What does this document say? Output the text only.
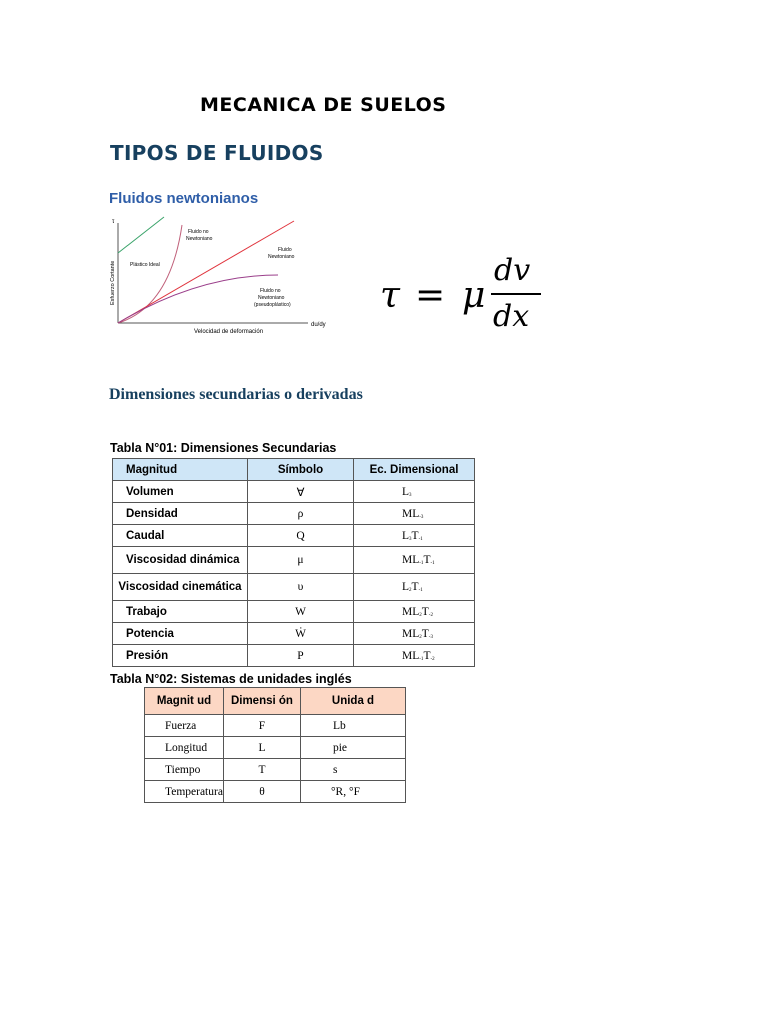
MECANICA DE SUELOS
TIPOS DE FLUIDOS
Fluidos newtonianos
τ
Esfuerzo Cortante
Velocidad de deformación
du/dy
Plástico Ideal
Fluido no
Newtoniano
Fluido
Newtoniano
Fluido no
Newtoniano
(pseudoplástico) τ = μ
dv
dx
Dimensiones secundarias o derivadas
Tabla N°01: Dimensiones Secundarias
Magnitud	Símbolo	Ec. Dimensional
Volumen	∀	$L^3$
Densidad	ρ	$ML^{-3}$
Caudal	Q	$L^3T^{-1}$
Viscosidad dinámica	μ	$ML^{-1}T^{-1}$
Viscosidad cinemática	υ	$L^2T^{-1}$
Trabajo	W	$ML^2T^{-2}$
Potencia	Ẇ	$ML^2T^{-3}$
Presión	P	$ML^{-1}T^{-2}$
Tabla N°02: Sistemas de unidades inglés
Magnit ud	Dimensi ón	Unida d
Fuerza	F	Lb
Longitud	L	pie
Tiempo	T	s
Temperatura	θ	°R, °F
